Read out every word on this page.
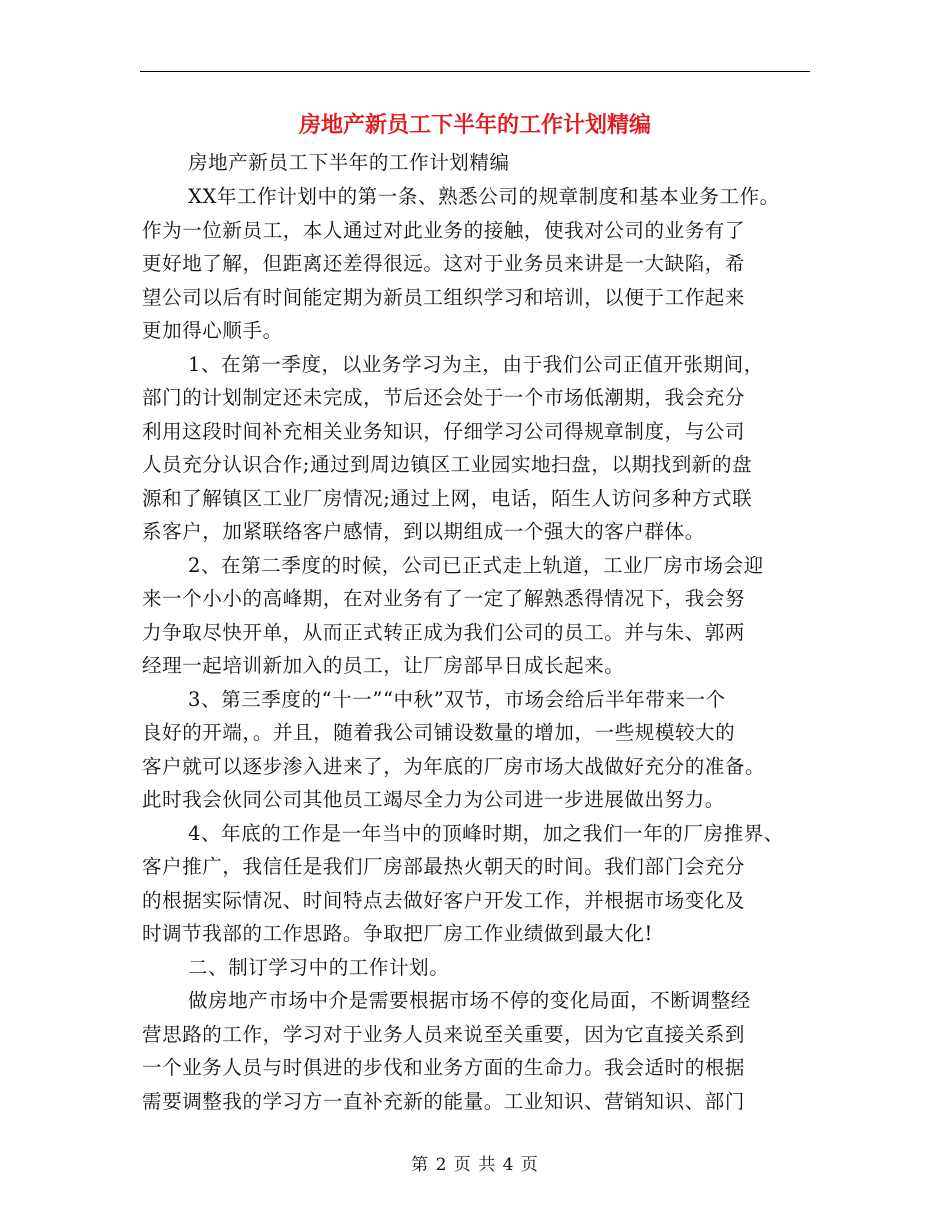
房地产新员工下半年的工作计划精编
房地产新员工下半年的工作计划精编
XX年工作计划中的第一条、熟悉公司的规章制度和基本业务工作。
作为一位新员工，本人通过对此业务的接触，使我对公司的业务有了
更好地了解，但距离还差得很远。这对于业务员来讲是一大缺陷，希
望公司以后有时间能定期为新员工组织学习和培训，以便于工作起来
更加得心顺手。
1、在第一季度，以业务学习为主，由于我们公司正值开张期间，
部门的计划制定还未完成，节后还会处于一个市场低潮期，我会充分
利用这段时间补充相关业务知识，仔细学习公司得规章制度，与公司
人员充分认识合作;通过到周边镇区工业园实地扫盘，以期找到新的盘
源和了解镇区工业厂房情况;通过上网，电话，陌生人访问多种方式联
系客户，加紧联络客户感情，到以期组成一个强大的客户群体。
2、在第二季度的时候，公司已正式走上轨道，工业厂房市场会迎
来一个小小的高峰期，在对业务有了一定了解熟悉得情况下，我会努
力争取尽快开单，从而正式转正成为我们公司的员工。并与朱、郭两
经理一起培训新加入的员工，让厂房部早日成长起来。
3、第三季度的“十一”“中秋”双节，市场会给后半年带来一个
良好的开端，。并且，随着我公司铺设数量的增加，一些规模较大的
客户就可以逐步渗入进来了，为年底的厂房市场大战做好充分的准备。
此时我会伙同公司其他员工竭尽全力为公司进一步进展做出努力。
4、年底的工作是一年当中的顶峰时期，加之我们一年的厂房推界、
客户推广，我信任是我们厂房部最热火朝天的时间。我们部门会充分
的根据实际情况、时间特点去做好客户开发工作，并根据市场变化及
时调节我部的工作思路。争取把厂房工作业绩做到最大化!
二、制订学习中的工作计划。
做房地产市场中介是需要根据市场不停的变化局面，不断调整经
营思路的工作，学习对于业务人员来说至关重要，因为它直接关系到
一个业务人员与时俱进的步伐和业务方面的生命力。我会适时的根据
需要调整我的学习方一直补充新的能量。工业知识、营销知识、部门
第 2 页 共 4 页
